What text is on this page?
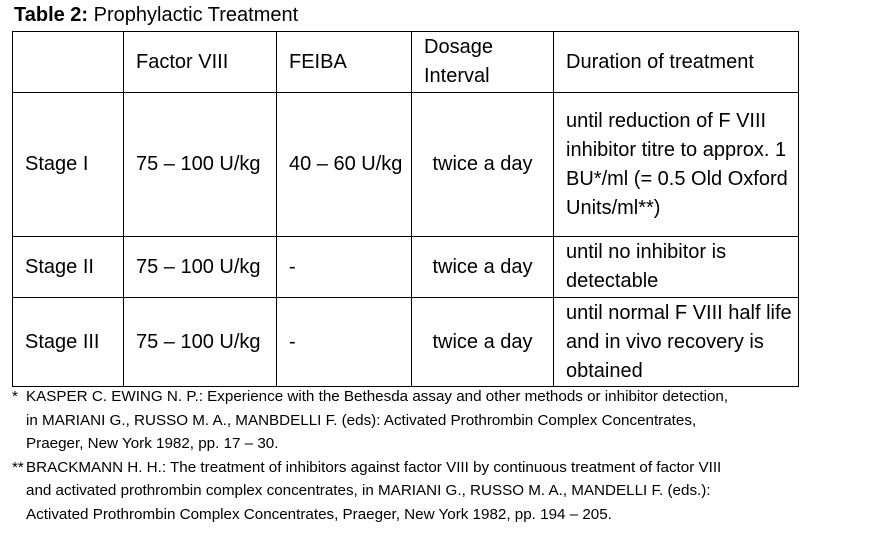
Table 2: Prophylactic Treatment
	Factor VIII	FEIBA	Dosage Interval	Duration of treatment
Stage I	75 – 100 U/kg	40 – 60 U/kg	twice a day	until reduction of F VIII inhibitor titre to approx. 1 BU*/ml (= 0.5 Old Oxford Units/ml**)
Stage II	75 – 100 U/kg	-	twice a day	until no inhibitor is detectable
Stage III	75 – 100 U/kg	-	twice a day	until normal F VIII half life and in vivo recovery is obtained
* KASPER C. EWING N. P.: Experience with the Bethesda assay and other methods or inhibitor detection,
in MARIANI G., RUSSO M. A., MANBDELLI F. (eds): Activated Prothrombin Complex Concentrates,
Praeger, New York 1982, pp. 17 – 30.
** BRACKMANN H. H.: The treatment of inhibitors against factor VIII by continuous treatment of factor VIII
and activated prothrombin complex concentrates, in MARIANI G., RUSSO M. A., MANDELLI F. (eds.):
Activated Prothrombin Complex Concentrates, Praeger, New York 1982, pp. 194 – 205.
